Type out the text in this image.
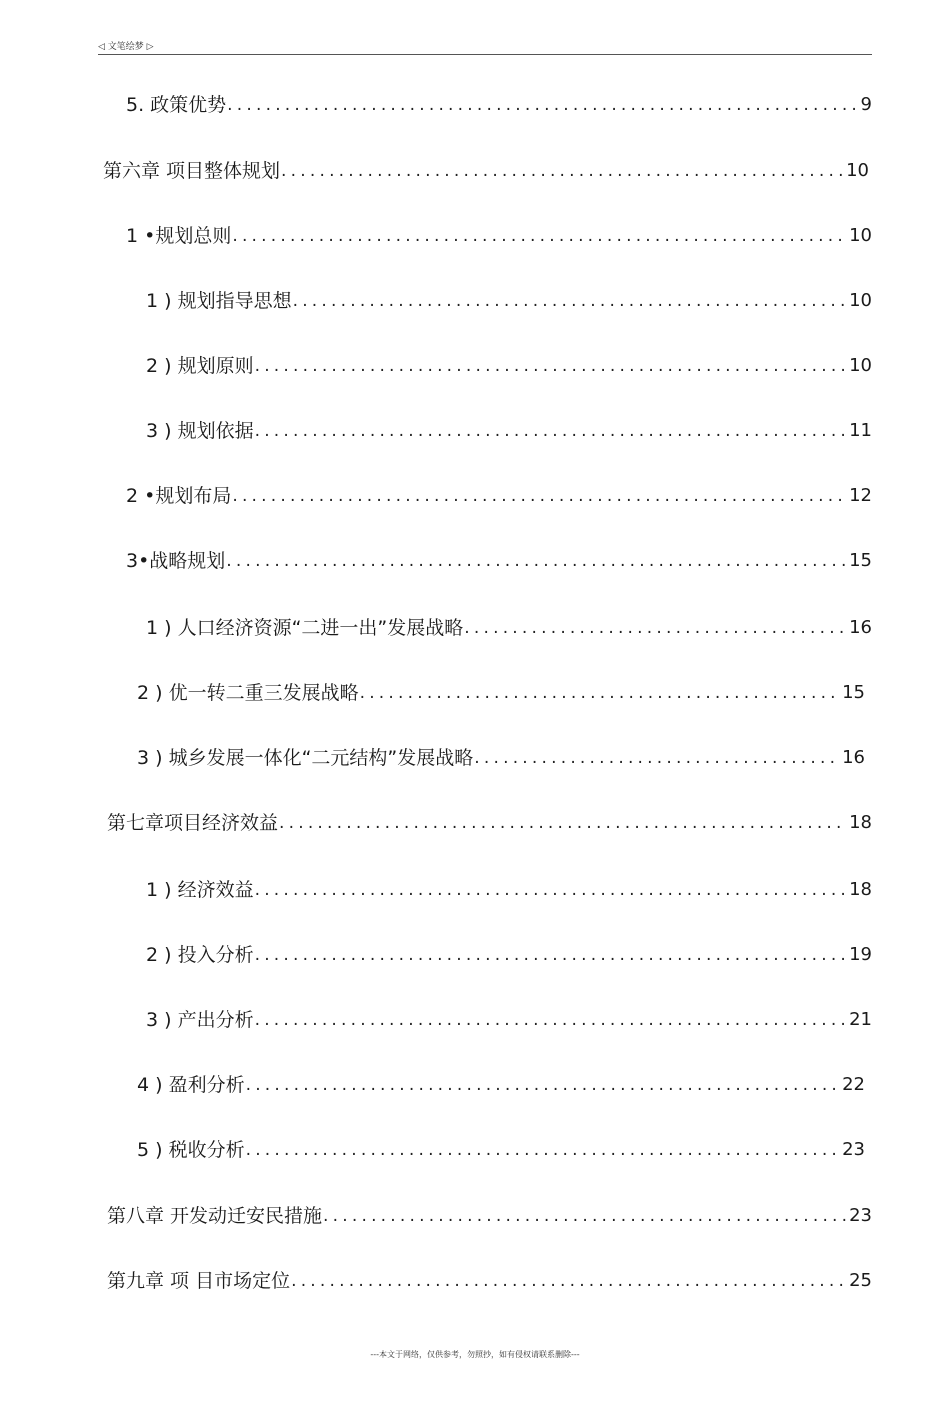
◁ 文笔绘梦 ▷
5. 政策优势 .....	9
第六章 项目整体规划 .....	10
1 •规划总则 .....	10
1 ) 规划指导思想 .....	10
2 ) 规划原则 .....	10
3 ) 规划依据 .....	11
2 •规划布局 .....	12
3•战略规划 .....	15
1 ) 人口经济资源“二进一出”发展战略 .....	16
2 ) 优一转二重三发展战略 .....	15
3 ) 城乡发展一体化“二元结构”发展战略 .....	16
第七章项目经济效益 .....	18
1 ) 经济效益 .....	18
2 ) 投入分析 .....	19
3 ) 产出分析 .....	21
4 ) 盈利分析 .....	22
5 ) 税收分析 .....	23
第八章 开发动迁安民措施 .....	23
第九章 项 目市场定位 .....	25
---本文于网络，仅供参考，勿照抄，如有侵权请联系删除---
